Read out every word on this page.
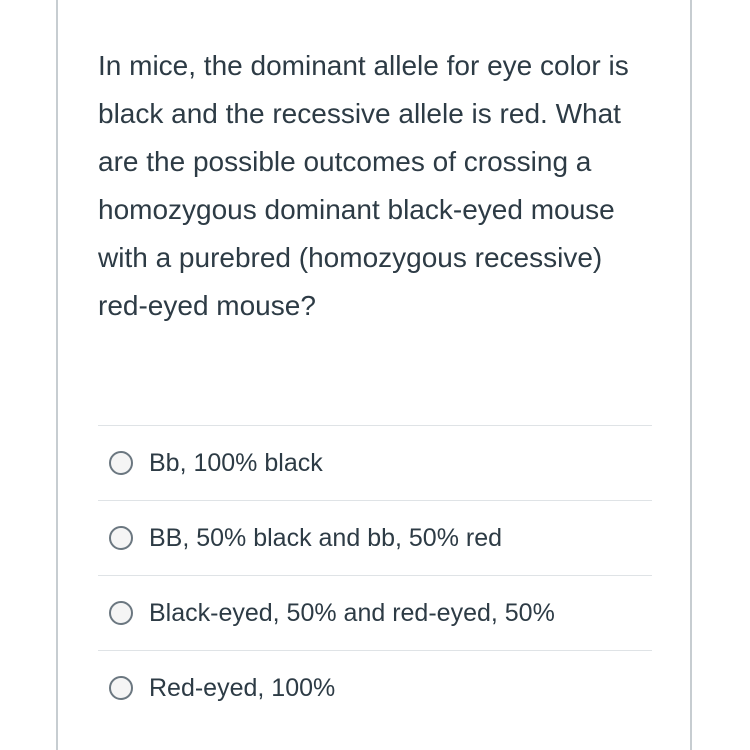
In mice, the dominant allele for eye color is black and the recessive allele is red. What are the possible outcomes of crossing a homozygous dominant black-eyed mouse with a purebred (homozygous recessive) red-eyed mouse?

Bb, 100% black
BB, 50% black and bb, 50% red
Black-eyed, 50% and red-eyed, 50%
Red-eyed, 100%
